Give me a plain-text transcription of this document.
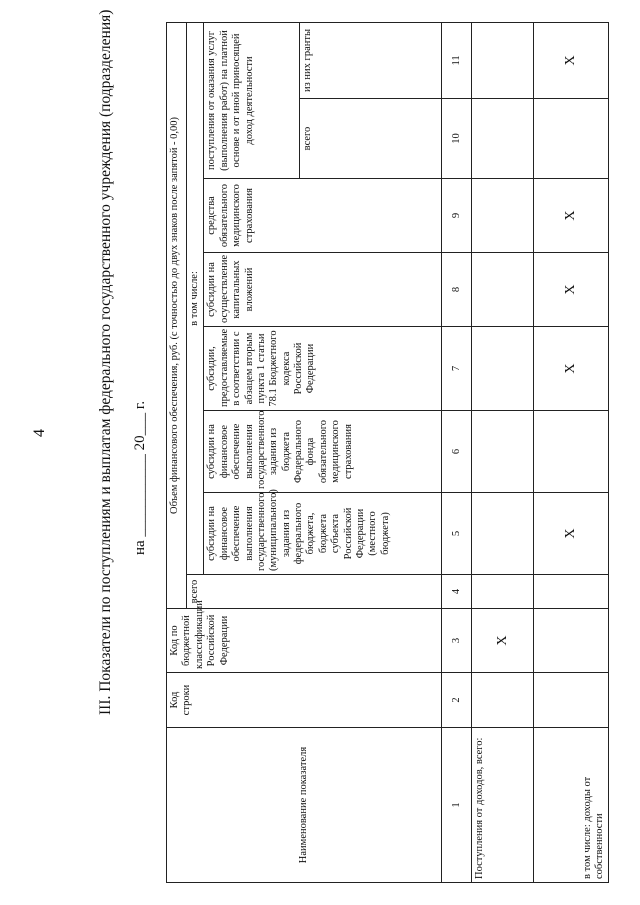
4	III. Показатели по поступлениям и выплатам федерального государственного учреждения (подразделения) на ___________ 20___ г.
Наименование показателя	Код строки	Код по бюджетной классификации Российской Федерации	Объем финансового обеспечения, руб. (с точностью до двух знаков после запятой - 0,00)							
			всего	в том числе:						
				субсидии на финансовое обеспечение выполнения государственного (муниципального) задания из федерального бюджета, бюджета субъекта Российской Федерации (местного бюджета)	субсидии на финансовое обеспечение выполнения государственного задания из бюджета Федерального фонда обязательного медицинского страхования	субсидии, предоставляемые в соответствии с абзацем вторым пункта 1 статьи 78.1 Бюджетного кодекса Российской Федерации	субсидии на осуществление капитальных вложений	средства обязательного медицинского страхования	поступления от оказания услуг (выполнения работ) на платной основе и от иной приносящей доход деятельности	
									всего	из них гранты
1	2	3	4	5	6	7	8	9	10	11
Поступления от доходов, всего:		X								
в том числе: доходы от собственности				X		X	X	X		X
